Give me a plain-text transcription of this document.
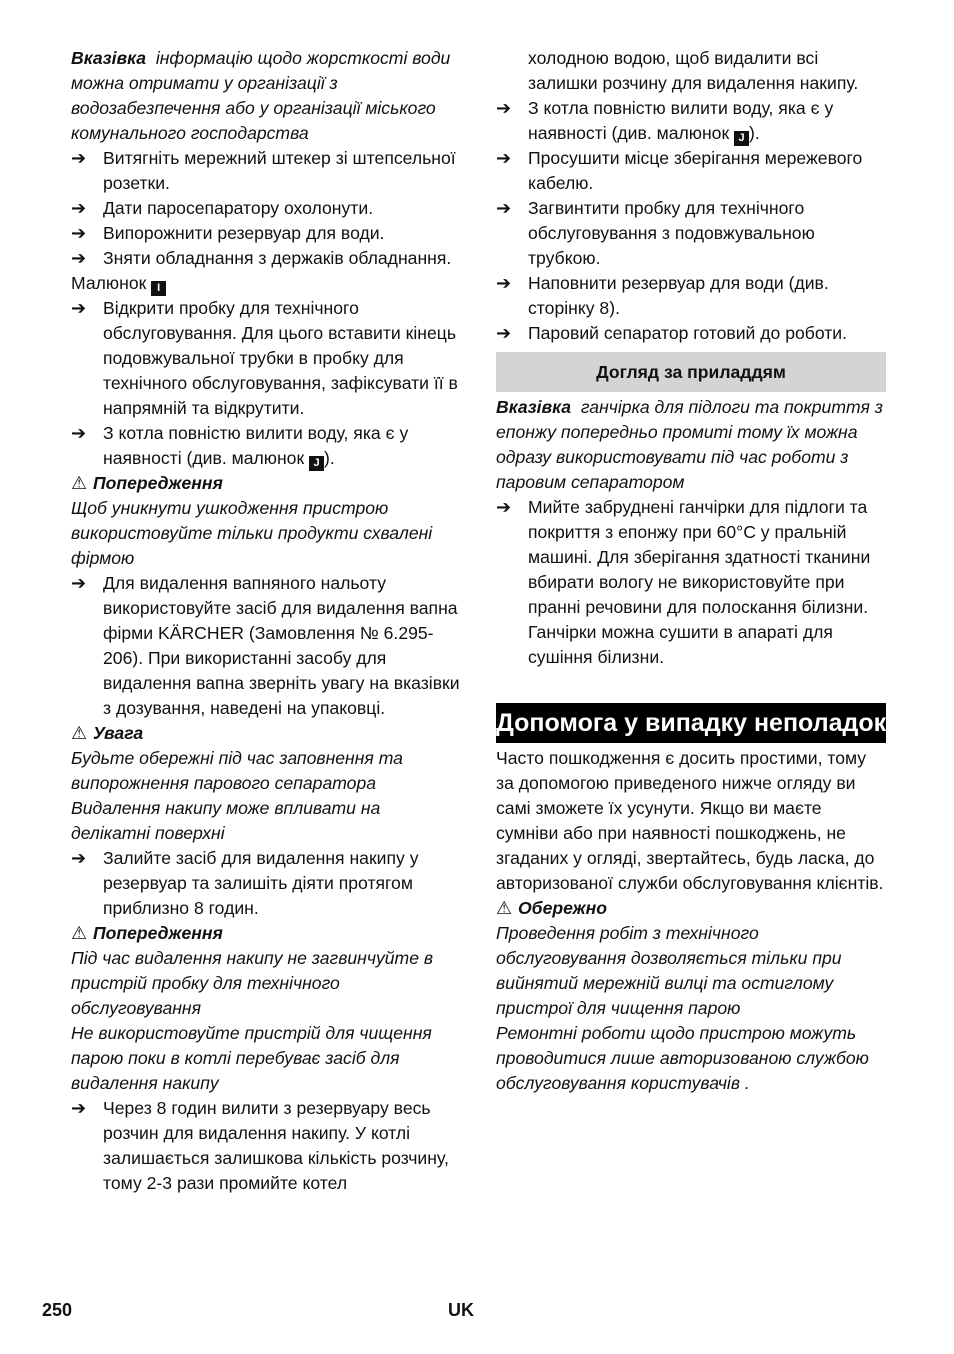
Вказівка інформацію щодо жорсткості води можна отримати у організації з водозабезпечення або у організації міського комунального господарства

➔ Витягніть мережний штекер зі штепсельної розетки.
➔ Дати паросепаратору охолонути.
➔ Випорожнити резервуар для води.
➔ Зняти обладнання з держаків обладнання.

Малюнок I

➔ Відкрити пробку для технічного обслуговування. Для цього вставити кінець подовжувальної трубки в пробку для технічного обслуговування, зафіксувати її в напрямній та відкрутити.
➔ З котла повністю вилити воду, яка є у наявності (див. малюнок J ).

⚠ Попередження

Щоб уникнути ушкодження пристрою використовуйте тільки продукти схвалені фірмою

➔ Для видалення вапняного нальоту використовуйте засіб для видалення вапна фірми KÄRCHER (Замовлення № 6.295-206). При використанні засобу для видалення вапна зверніть увагу на вказівки з дозування, наведені на упаковці.

⚠ Увага

Будьте обережні під час заповнення та випорожнення парового сепаратора Видалення накипу може впливати на делікатні поверхні

➔ Залийте засіб для видалення накипу у резервуар та залишіть діяти протягом приблизно 8 годин.

⚠ Попередження

Під час видалення накипу не загвинчуйте в пристрій пробку для технічного обслуговування

Не використовуйте пристрій для чищення парою поки в котлі перебуває засіб для видалення накипу

➔ Через 8 годин вилити з резервуару весь розчин для видалення накипу. У котлі залишається залишкова кількість розчину, тому 2-3 рази промийте котел

холодною водою, щоб видалити всі залишки розчину для видалення накипу.

➔ З котла повністю вилити воду, яка є у наявності (див. малюнок J ).
➔ Просушити місце зберігання мережевого кабелю.
➔ Загвинтити пробку для технічного обслуговування з подовжувальною трубкою.
➔ Наповнити резервуар для води (див. сторінку 8).
➔ Паровий сепаратор готовий до роботи.
Догляд за приладдям

Вказівка ганчірка для підлоги та покриття з епонжу попередньо промиті тому їх можна одразу використовувати під час роботи з паровим сепаратором

➔ Мийте забруднені ганчірки для підлоги та покриття з епонжу при 60°C у пральній машині. Для зберігання здатності тканини вбирати вологу не використовуйте при пранні речовини для полоскання білизни. Ганчірки можна сушити в апараті для сушіння білизни.
Допомога у випадку неполадок

Часто пошкодження є досить простими, тому за допомогою приведеного нижче огляду ви самі зможете їх усунути. Якщо ви маєте сумніви або при наявності пошкоджень, не згаданих у огляді, звертайтесь, будь ласка, до авторизованої служби обслуговування клієнтів.

⚠ Обережно

Проведення робіт з технічного обслуговування дозволяється тільки при вийнятий мережній вилці та остиглому пристрої для чищення парою

Ремонтні роботи щодо пристрою можуть проводитися лише авторизованою службою обслуговування користувачів .

250	UK
